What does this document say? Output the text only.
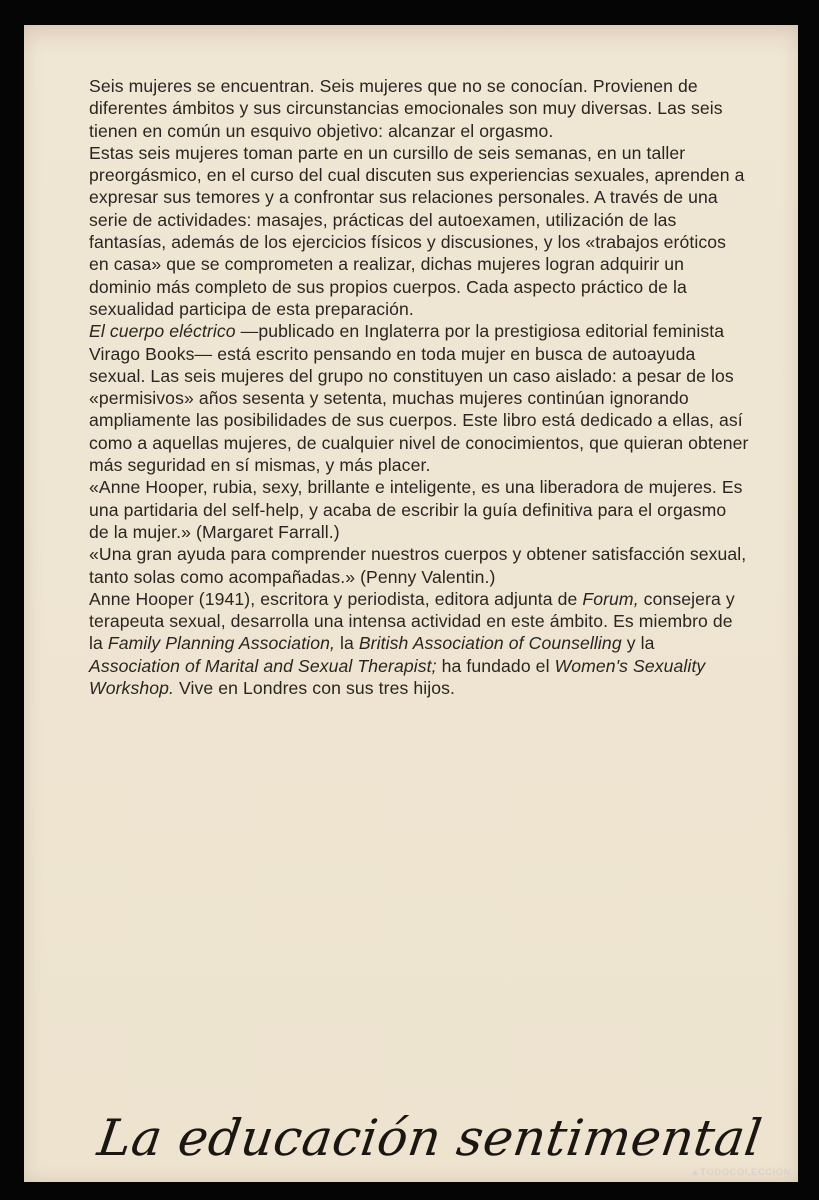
Seis mujeres se encuentran. Seis mujeres que no se conocían. Provienen de diferentes ámbitos y sus circunstancias emocionales son muy diversas. Las seis tienen en común un esquivo objetivo: alcanzar el orgasmo.

Estas seis mujeres toman parte en un cursillo de seis semanas, en un taller preorgásmico, en el curso del cual discuten sus experiencias sexuales, aprenden a expresar sus temores y a confrontar sus relaciones personales. A través de una serie de actividades: masajes, prácticas del autoexamen, utilización de las fantasías, además de los ejercicios físicos y discusiones, y los «trabajos eróticos en casa» que se comprometen a realizar, dichas mujeres logran adquirir un dominio más completo de sus propios cuerpos. Cada aspecto práctico de la sexualidad participa de esta preparación.

El cuerpo eléctrico —publicado en Inglaterra por la prestigiosa editorial feminista Virago Books— está escrito pensando en toda mujer en busca de autoayuda sexual. Las seis mujeres del grupo no constituyen un caso aislado: a pesar de los «permisivos» años sesenta y setenta, muchas mujeres continúan ignorando ampliamente las posibilidades de sus cuerpos. Este libro está dedicado a ellas, así como a aquellas mujeres, de cualquier nivel de conocimientos, que quieran obtener más seguridad en sí mismas, y más placer.

«Anne Hooper, rubia, sexy, brillante e inteligente, es una liberadora de mujeres. Es una partidaria del self-help, y acaba de escribir la guía definitiva para el orgasmo de la mujer.» (Margaret Farrall.)

«Una gran ayuda para comprender nuestros cuerpos y obtener satisfacción sexual, tanto solas como acompañadas.» (Penny Valentin.)

Anne Hooper (1941), escritora y periodista, editora adjunta de Forum, consejera y terapeuta sexual, desarrolla una intensa actividad en este ámbito. Es miembro de la Family Planning Association, la British Association of Counselling y la Association of Marital and Sexual Therapist; ha fundado el Women's Sexuality Workshop. Vive en Londres con sus tres hijos.

La educación sentimental
▲TODOCOLECCION
